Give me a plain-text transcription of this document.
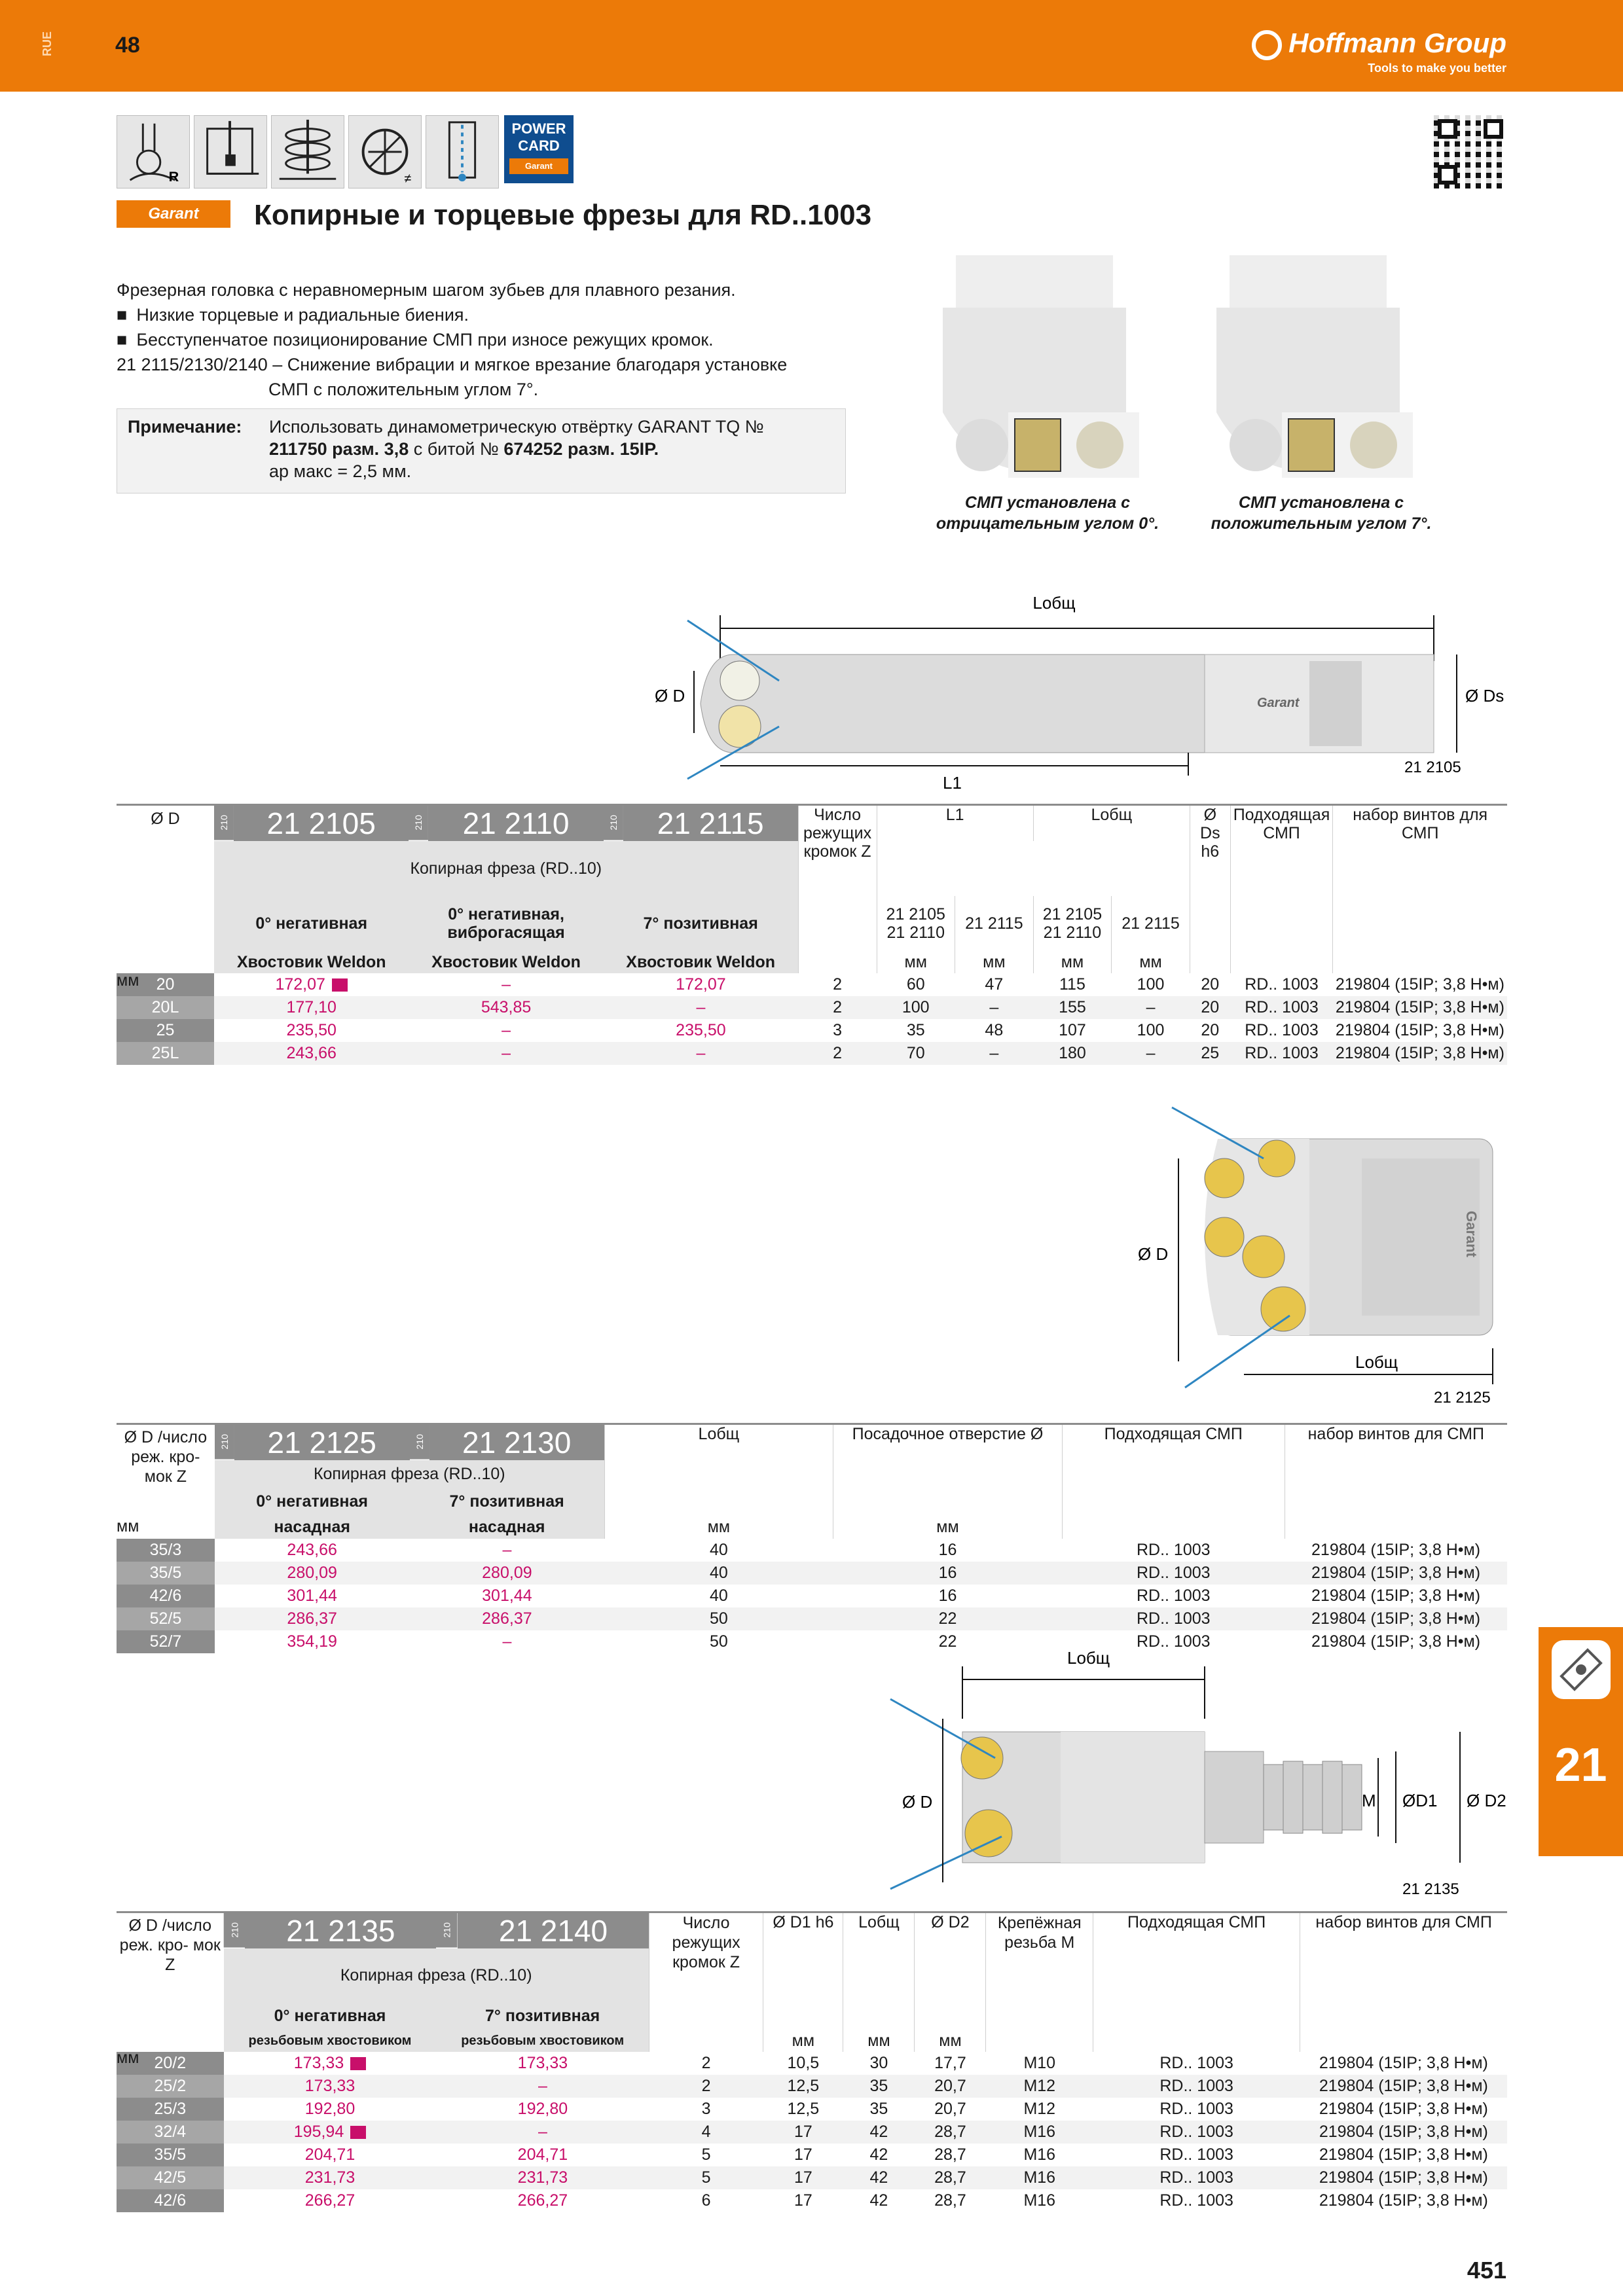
RUE	48	Hoffmann Group
Tools to make you better
R	≠
POWER
CARD
Garant
Garant	Копирные и торцевые фрезы для RD..1003

Фрезерная головка с неравномерным шагом зубьев для плавного резания.

■ Низкие торцевые и радиальные биения.

■ Бесступенчатое позиционирование СМП при износе режущих кромок.

21 2115/2130/2140 – Снижение вибрации и мягкое врезание благодаря установке

СМП с положительным углом 7°.

Примечание: Использовать динамометрическую отвёртку GARANT TQ №
211750 разм. 3,8 с битой № 674252 разм. 15IP.
ap макс = 2,5 мм.
СМП установлена с отрицательным углом 0°.
СМП установлена с положительным углом 7°.
Lобщ
Garant
Ø D	Ø Ds
L1
21 2105
Ø D	210	21 2105	210	21 2110	210	21 2115	Число режущих кромок Z	L1		Lобщ		Ø Ds h6	Подходящая СМП	набор винтов для СМП
	Копирная фреза (RD..10)													
	0° негативная		0° негативная, виброгасящая		7° позитивная			21 2105 21 2110	21 2115	21 2105 21 2110	21 2115			
	Хвостовик Weldon		Хвостовик Weldon		Хвостовик Weldon			мм	мм	мм	мм			
20	172,07		–		172,07		2	60	47	115	100	20	RD.. 1003	219804 (15IP; 3,8 Н•м)
20L	177,10		543,85		–		2	100	–	155	–	20	RD.. 1003	219804 (15IP; 3,8 Н•м)
25	235,50		–		235,50		3	35	48	107	100	20	RD.. 1003	219804 (15IP; 3,8 Н•м)
25L	243,66		–		–		2	70	–	180	–	25	RD.. 1003	219804 (15IP; 3,8 Н•м)
мм
Garant
Ø D
Lобщ
21 2125
Ø D /число реж. кро- мок Z	210	21 2125	210	21 2130	Lобщ	Посадочное отверстие Ø	Подходящая СМП	набор винтов для СМП
	Копирная фреза (RD..10)							
	0° негативная		7° позитивная					
	насадная		насадная		мм	мм		
35/3	243,66		–		40	16	RD.. 1003	219804 (15IP; 3,8 Н•м)
35/5	280,09		280,09		40	16	RD.. 1003	219804 (15IP; 3,8 Н•м)
42/6	301,44		301,44		40	16	RD.. 1003	219804 (15IP; 3,8 Н•м)
52/5	286,37		286,37		50	22	RD.. 1003	219804 (15IP; 3,8 Н•м)
52/7	354,19		–		50	22	RD.. 1003	219804 (15IP; 3,8 Н•м)
мм
Lобщ
Ø D	M ØD1 Ø D2
21 2135
Ø D /число реж. кро- мок Z	210	21 2135	210	21 2140	Число режущих кромок Z	Ø D1 h6	Lобщ	Ø D2	Крепёжная резьба М	Подходящая СМП	набор винтов для СМП
	Копирная фреза (RD..10)										
	0° негативная		7° позитивная								
	резьбовым хвостовиком		резьбовым хвостовиком			мм	мм	мм			
20/2	173,33		173,33		2	10,5	30	17,7	M10	RD.. 1003	219804 (15IP; 3,8 Н•м)
25/2	173,33		–		2	12,5	35	20,7	M12	RD.. 1003	219804 (15IP; 3,8 Н•м)
25/3	192,80		192,80		3	12,5	35	20,7	M12	RD.. 1003	219804 (15IP; 3,8 Н•м)
32/4	195,94		–		4	17	42	28,7	M16	RD.. 1003	219804 (15IP; 3,8 Н•м)
35/5	204,71		204,71		5	17	42	28,7	M16	RD.. 1003	219804 (15IP; 3,8 Н•м)
42/5	231,73		231,73		5	17	42	28,7	M16	RD.. 1003	219804 (15IP; 3,8 Н•м)
42/6	266,27		266,27		6	17	42	28,7	M16	RD.. 1003	219804 (15IP; 3,8 Н•м)
мм
21
451
